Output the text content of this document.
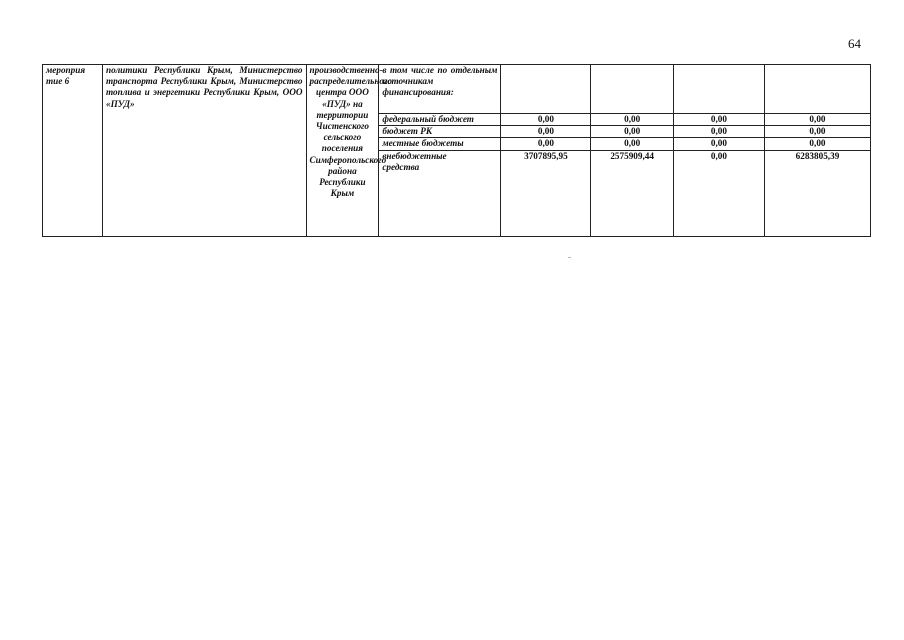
64
мероприятие 6	политики Республики Крым, Министерство транспорта Республики Крым, Министерство топлива и энергетики Республики Крым, ООО «ПУД»	производственно-распределительного центра ООО «ПУД» на территории Чистенского сельского поселения Симферопольского района Республики Крым	в том числе по отдельным источникам финансирования:				
			федеральный бюджет	0,00	0,00	0,00	0,00
			бюджет РК	0,00	0,00	0,00	0,00
			местные бюджеты	0,00	0,00	0,00	0,00

			внебюджетные средства	3707895,95	2575909,44	0,00	6283805,39
